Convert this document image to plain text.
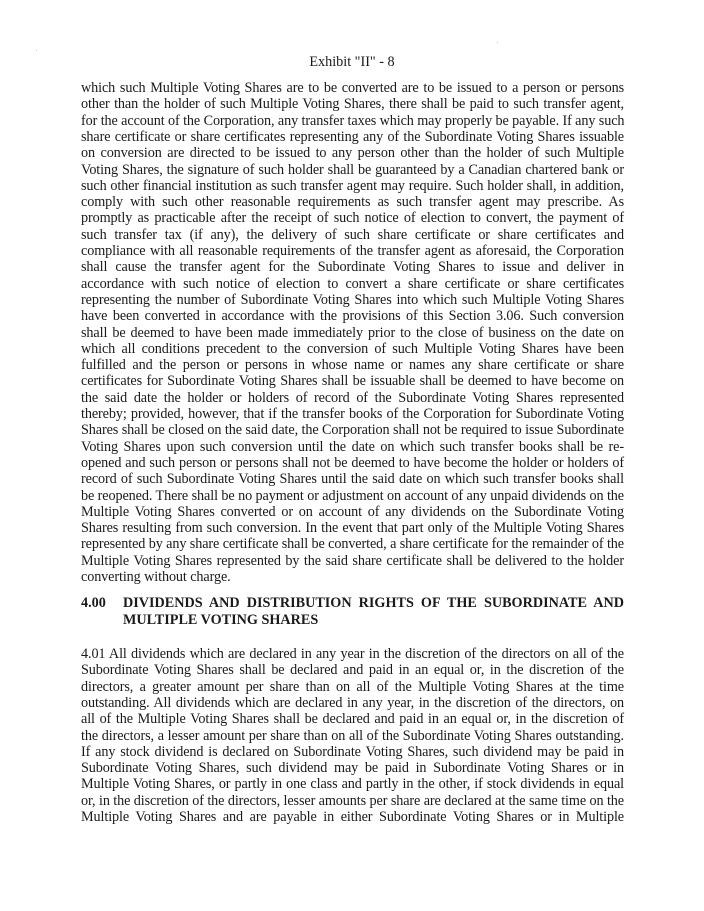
Exhibit "II" - 8
which such Multiple Voting Shares are to be converted are to be issued to a person or persons
other than the holder of such Multiple Voting Shares, there shall be paid to such transfer agent,
for the account of the Corporation, any transfer taxes which may properly be payable. If any such
share certificate or share certificates representing any of the Subordinate Voting Shares issuable
on conversion are directed to be issued to any person other than the holder of such Multiple
Voting Shares, the signature of such holder shall be guaranteed by a Canadian chartered bank or
such other financial institution as such transfer agent may require. Such holder shall, in addition,
comply with such other reasonable requirements as such transfer agent may prescribe. As
promptly as practicable after the receipt of such notice of election to convert, the payment of
such transfer tax (if any), the delivery of such share certificate or share certificates and
compliance with all reasonable requirements of the transfer agent as aforesaid, the Corporation
shall cause the transfer agent for the Subordinate Voting Shares to issue and deliver in
accordance with such notice of election to convert a share certificate or share certificates
representing the number of Subordinate Voting Shares into which such Multiple Voting Shares
have been converted in accordance with the provisions of this Section 3.06. Such conversion
shall be deemed to have been made immediately prior to the close of business on the date on
which all conditions precedent to the conversion of such Multiple Voting Shares have been
fulfilled and the person or persons in whose name or names any share certificate or share
certificates for Subordinate Voting Shares shall be issuable shall be deemed to have become on
the said date the holder or holders of record of the Subordinate Voting Shares represented
thereby; provided, however, that if the transfer books of the Corporation for Subordinate Voting
Shares shall be closed on the said date, the Corporation shall not be required to issue Subordinate
Voting Shares upon such conversion until the date on which such transfer books shall be re-
opened and such person or persons shall not be deemed to have become the holder or holders of
record of such Subordinate Voting Shares until the said date on which such transfer books shall
be reopened. There shall be no payment or adjustment on account of any unpaid dividends on the
Multiple Voting Shares converted or on account of any dividends on the Subordinate Voting
Shares resulting from such conversion. In the event that part only of the Multiple Voting Shares
represented by any share certificate shall be converted, a share certificate for the remainder of the
Multiple Voting Shares represented by the said share certificate shall be delivered to the holder
converting without charge.
4.00 DIVIDENDS AND DISTRIBUTION RIGHTS OF THE SUBORDINATE AND
MULTIPLE VOTING SHARES
4.01 All dividends which are declared in any year in the discretion of the directors on all of the
Subordinate Voting Shares shall be declared and paid in an equal or, in the discretion of the
directors, a greater amount per share than on all of the Multiple Voting Shares at the time
outstanding. All dividends which are declared in any year, in the discretion of the directors, on
all of the Multiple Voting Shares shall be declared and paid in an equal or, in the discretion of
the directors, a lesser amount per share than on all of the Subordinate Voting Shares outstanding.
If any stock dividend is declared on Subordinate Voting Shares, such dividend may be paid in
Subordinate Voting Shares, such dividend may be paid in Subordinate Voting Shares or in
Multiple Voting Shares, or partly in one class and partly in the other, if stock dividends in equal
or, in the discretion of the directors, lesser amounts per share are declared at the same time on the
Multiple Voting Shares and are payable in either Subordinate Voting Shares or in Multiple
